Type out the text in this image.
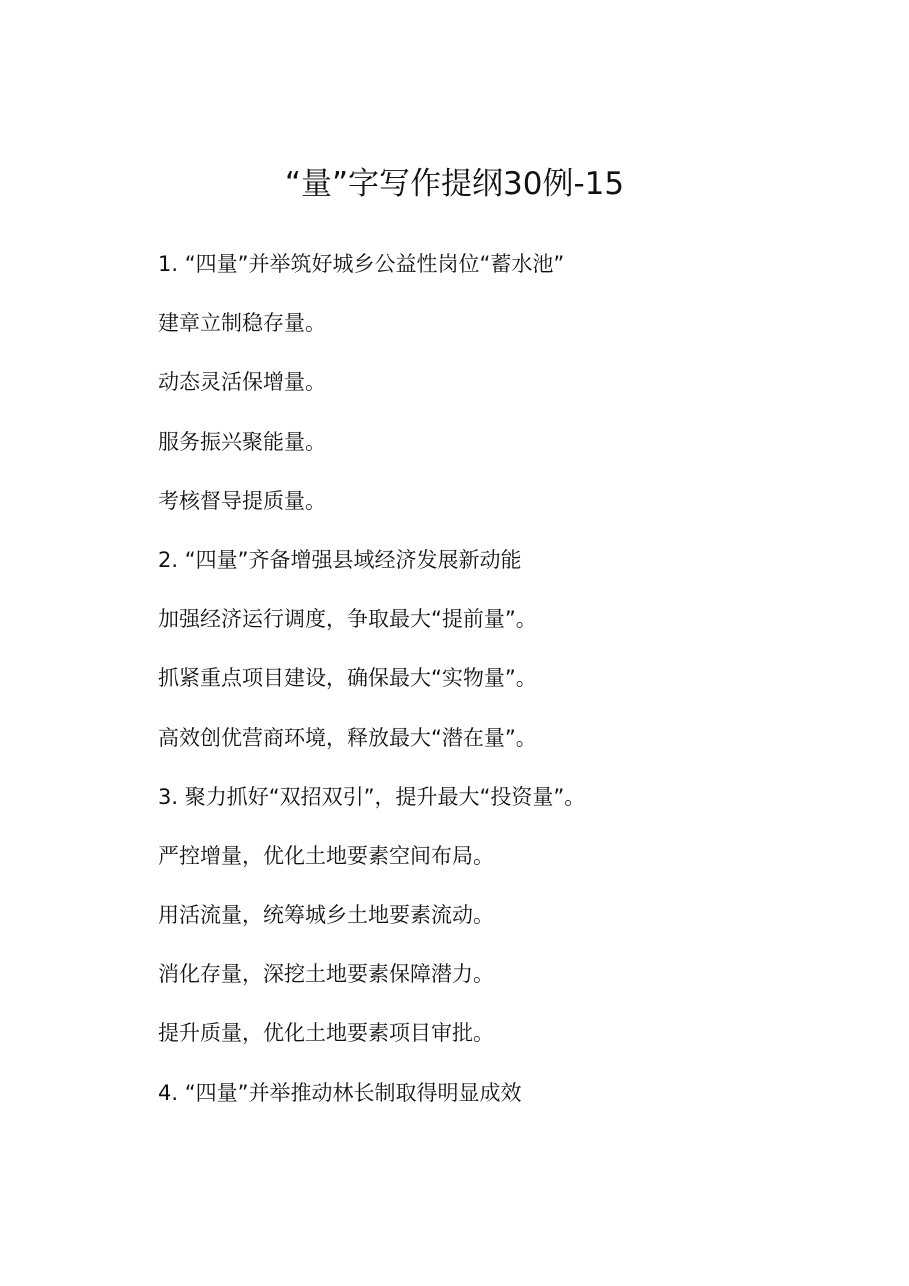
“量”字写作提纲30例-15
1. “四量”并举筑好城乡公益性岗位“蓄水池”
建章立制稳存量。
动态灵活保增量。
服务振兴聚能量。
考核督导提质量。
2. “四量”齐备增强县域经济发展新动能
加强经济运行调度，争取最大“提前量”。
抓紧重点项目建设，确保最大“实物量”。
高效创优营商环境，释放最大“潜在量”。
3. 聚力抓好“双招双引”，提升最大“投资量”。
严控增量，优化土地要素空间布局。
用活流量，统筹城乡土地要素流动。
消化存量，深挖土地要素保障潜力。
提升质量，优化土地要素项目审批。
4. “四量”并举推动林长制取得明显成效
